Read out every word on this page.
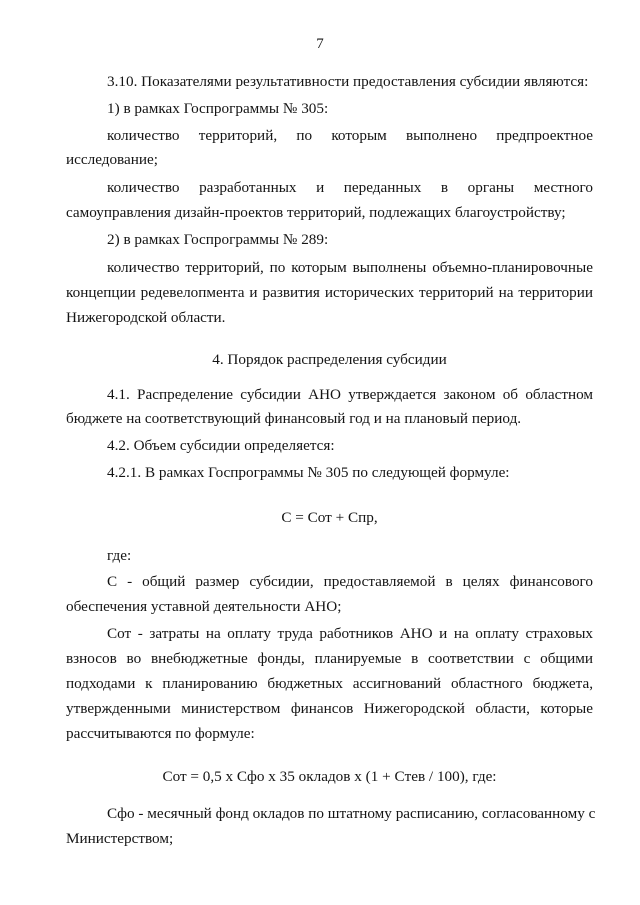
7
3.10. Показателями результативности предоставления субсидии являются:
1) в рамках Госпрограммы № 305:
количество территорий, по которым выполнено предпроектное
исследование;
количество разработанных и переданных в органы местного
самоуправления дизайн-проектов территорий, подлежащих благоустройству;
2) в рамках Госпрограммы № 289:
количество территорий, по которым выполнены объемно-планировочные
концепции редевелопмента и развития исторических территорий на территории
Нижегородской области.
4. Порядок распределения субсидии
4.1. Распределение субсидии АНО утверждается законом об областном
бюджете на соответствующий финансовый год и на плановый период.
4.2. Объем субсидии определяется:
4.2.1. В рамках Госпрограммы № 305 по следующей формуле:
С = Сот + Спр,
где:
С - общий размер субсидии, предоставляемой в целях финансового
обеспечения уставной деятельности АНО;
Сот - затраты на оплату труда работников АНО и на оплату страховых
взносов во внебюджетные фонды, планируемые в соответствии с общими
подходами к планированию бюджетных ассигнований областного бюджета,
утвержденными министерством финансов Нижегородской области, которые
рассчитываются по формуле:
Сот = 0,5 х Сфо х 35 окладов х (1 + Cтев / 100), где:
Сфо - месячный фонд окладов по штатному расписанию, согласованному с
Министерством;
